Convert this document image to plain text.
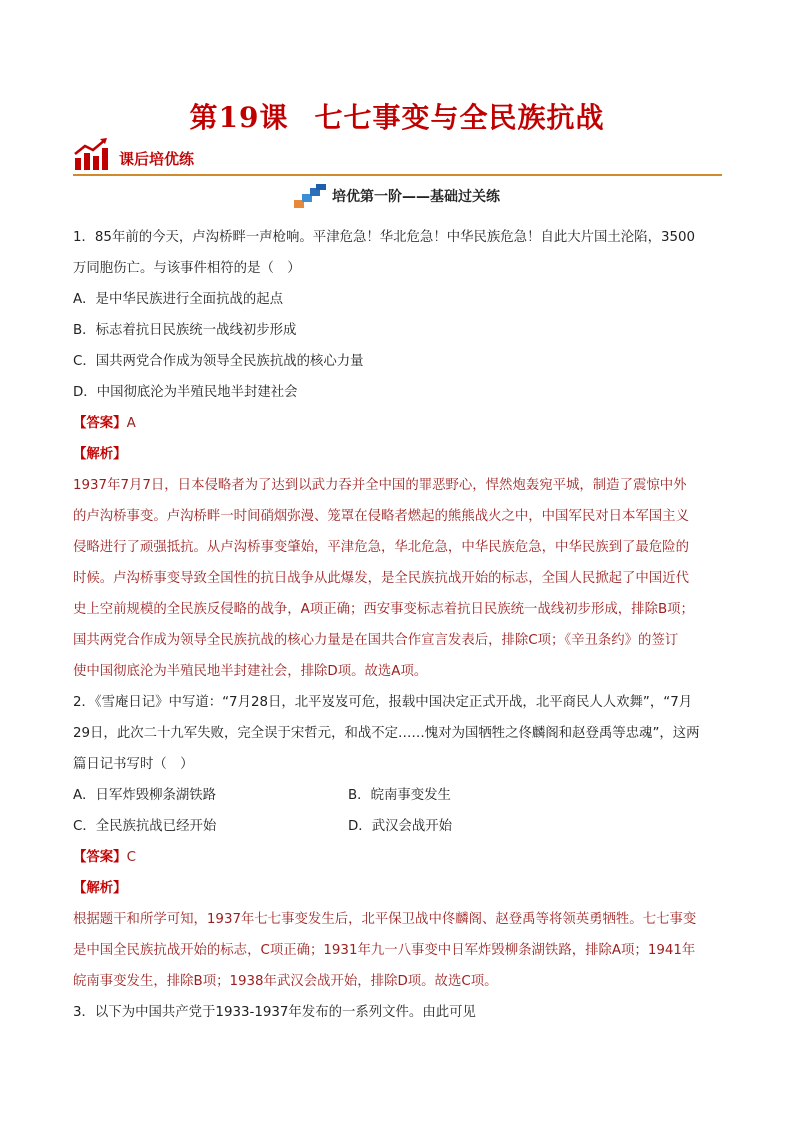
第19课 七七事变与全民族抗战
课后培优练
培优第一阶——基础过关练
1．85年前的今天，卢沟桥畔一声枪响。平津危急！华北危急！中华民族危急！自此大片国土沦陷，3500
万同胞伤亡。与该事件相符的是（　）
A．是中华民族进行全面抗战的起点
B．标志着抗日民族统一战线初步形成
C．国共两党合作成为领导全民族抗战的核心力量
D．中国彻底沦为半殖民地半封建社会
【答案】A
【解析】
1937年7月7日，日本侵略者为了达到以武力吞并全中国的罪恶野心，悍然炮轰宛平城，制造了震惊中外
的卢沟桥事变。卢沟桥畔一时间硝烟弥漫、笼罩在侵略者燃起的熊熊战火之中，中国军民对日本军国主义
侵略进行了顽强抵抗。从卢沟桥事变肇始，平津危急，华北危急，中华民族危急，中华民族到了最危险的
时候。卢沟桥事变导致全国性的抗日战争从此爆发，是全民族抗战开始的标志，全国人民掀起了中国近代
史上空前规模的全民族反侵略的战争，A项正确；西安事变标志着抗日民族统一战线初步形成，排除B项；
国共两党合作成为领导全民族抗战的核心力量是在国共合作宣言发表后，排除C项；《辛丑条约》的签订
使中国彻底沦为半殖民地半封建社会，排除D项。故选A项。
2．《雪庵日记》中写道：“7月28日，北平岌岌可危，报载中国决定正式开战，北平商民人人欢舞”，“7月
29日，此次二十九军失败，完全误于宋哲元，和战不定……愧对为国牺牲之佟麟阁和赵登禹等忠魂”，这两
篇日记书写时（　）
A．日军炸毁柳条湖铁路	B．皖南事变发生
C．全民族抗战已经开始	D．武汉会战开始
【答案】C
【解析】
根据题干和所学可知，1937年七七事变发生后，北平保卫战中佟麟阁、赵登禹等将领英勇牺牲。七七事变
是中国全民族抗战开始的标志，C项正确；1931年九一八事变中日军炸毁柳条湖铁路，排除A项；1941年
皖南事变发生，排除B项；1938年武汉会战开始，排除D项。故选C项。
3．以下为中国共产党于1933-1937年发布的一系列文件。由此可见
